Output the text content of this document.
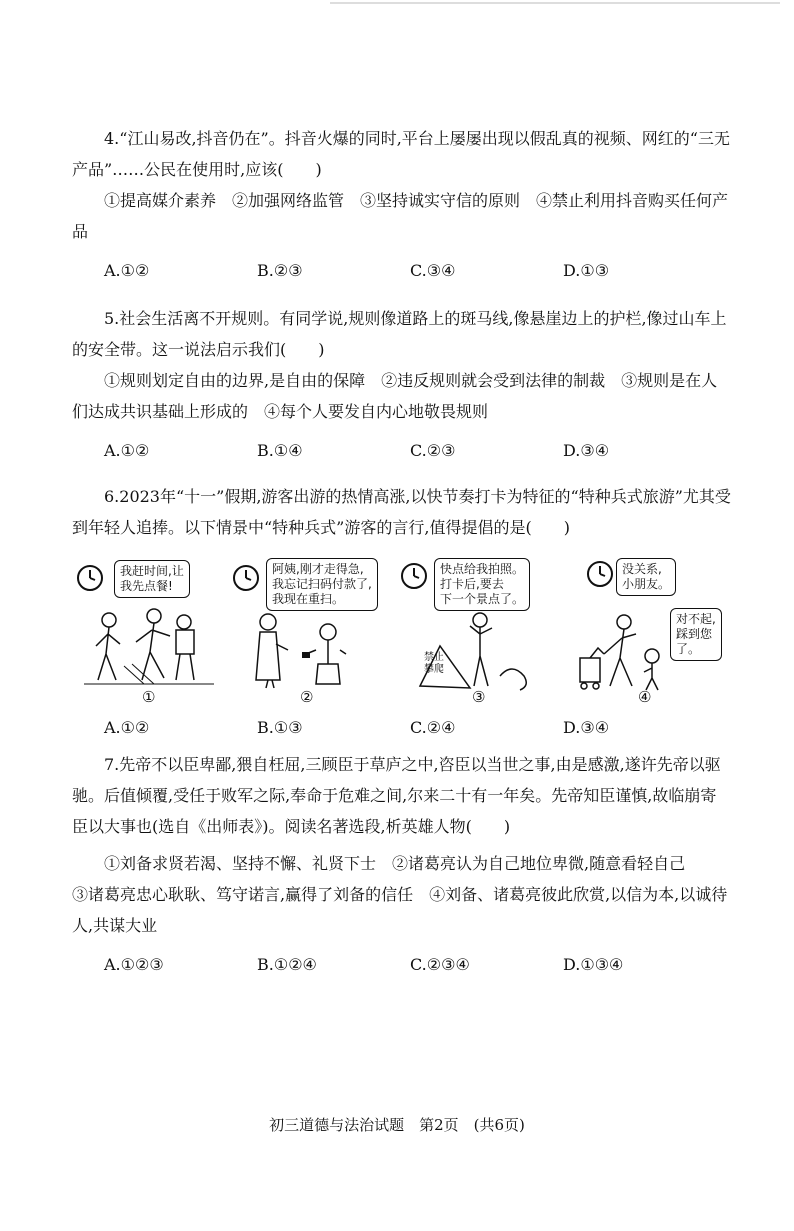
4.“江山易改,抖音仍在”。抖音火爆的同时,平台上屡屡出现以假乱真的视频、网红的“三无产品”……公民在使用时,应该(　　)

①提高媒介素养　②加强网络监管　③坚持诚实守信的原则　④禁止利用抖音购买任何产品

A.①②	B.②③	C.③④	D.①③

5.社会生活离不开规则。有同学说,规则像道路上的斑马线,像悬崖边上的护栏,像过山车上的安全带。这一说法启示我们(　　)

①规则划定自由的边界,是自由的保障　②违反规则就会受到法律的制裁　③规则是在人们达成共识基础上形成的　④每个人要发自内心地敬畏规则

A.①②	B.①④	C.②③	D.③④

6.2023年“十一”假期,游客出游的热情高涨,以快节奏打卡为特征的“特种兵式旅游”尤其受到年轻人追捧。以下情景中“特种兵式”游客的言行,值得提倡的是(　　)

我赶时间,让
我先点餐!
①
阿姨,刚才走得急,
我忘记扫码付款了,
我现在重扫。
②
快点给我拍照。
打卡后,要去
下一个景点了。
禁止
攀爬
③
没关系,
小朋友。
对不起,
踩到您
了。
④
A.①②	B.①③	C.②④	D.③④

7.先帝不以臣卑鄙,猥自枉屈,三顾臣于草庐之中,咨臣以当世之事,由是感激,遂许先帝以驱驰。后值倾覆,受任于败军之际,奉命于危难之间,尔来二十有一年矣。先帝知臣谨慎,故临崩寄臣以大事也(选自《出师表》)。阅读名著选段,析英雄人物(　　)

①刘备求贤若渴、坚持不懈、礼贤下士　②诸葛亮认为自己地位卑微,随意看轻自己

③诸葛亮忠心耿耿、笃守诺言,赢得了刘备的信任　④刘备、诸葛亮彼此欣赏,以信为本,以诚待人,共谋大业

A.①②③	B.①②④	C.②③④	D.①③④
初三道德与法治试题　第2页　(共6页)
